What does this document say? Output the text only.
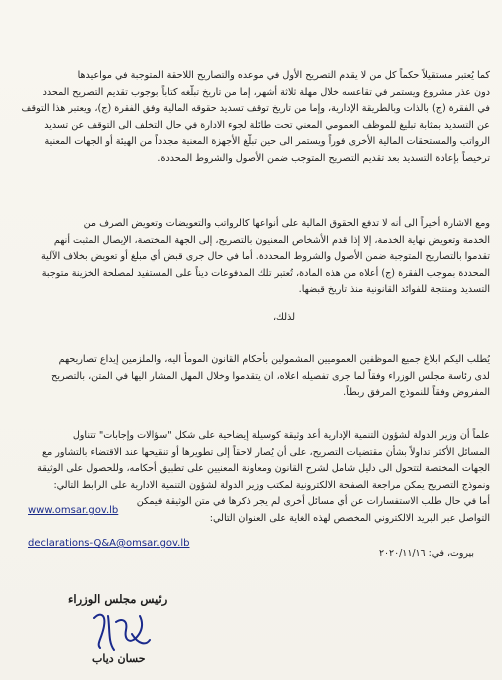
كما يُعتبر مستقيلاً حكماً كل من لا يقدم التصريح الأول في موعده والتصاريح اللاحقة المتوجبة في مواعيدها
دون عذر مشروع ويستمر في تقاعسه خلال مهلة ثلاثة أشهر، إما من تاريخ تبلّغه كتاباً بوجوب تقديم التصريح المحدد
في الفقرة (ج) بالذات وبالطريقة الإدارية، وإما من تاريخ توقف تسديد حقوقه المالية وفق الفقرة (ج)، ويعتبر هذا التوقف
عن التسديد بمثابة تبليغ للموظف العمومي المعني تحت طائلة لجوء الادارة في حال التخلف الى التوقف عن تسديد
الرواتب والمستحقات المالية الأخرى فوراً ويستمر الى حين تبلّغ الأجهزة المعنية مجدداً من الهيئة أو الجهات المعنية
ترخيصاً بإعادة التسديد بعد تقديم التصريح المتوجب ضمن الأصول والشروط المحددة.
ومع الاشارة أخيراً الى أنه لا تدفع الحقوق المالية على أنواعها كالرواتب والتعويضات وتعويض الصرف من
الخدمة وتعويض نهاية الخدمة، إلا إذا قدم الأشخاص المعنيون بالتصريح، إلى الجهة المختصة، الإيصال المثبت أنهم
تقدموا بالتصاريح المتوجبة ضمن الأصول والشروط المحددة. أما في حال جرى قبض أي مبلغ أو تعويض بخلاف الآلية
المحددة بموجب الفقرة (ج) أعلاه من هذه المادة، تُعتبر تلك المدفوعات ديناً على المستفيد لمصلحة الخزينة متوجبة
التسديد ومنتجة للفوائد القانونية منذ تاريخ قبضها.
لذلك،
يُطلب اليكم ابلاغ جميع الموظفين العموميين المشمولين بأحكام القانون المومأ اليه، والملزمين إيداع تصاريحهم
لدى رئاسة مجلس الوزراء وفقاً لما جرى تفصيله اعلاه، ان يتقدموا وخلال المهل المشار اليها في المتن، بالتصريح
المفروض وفقاً للنموذج المرفق ربطاً.
علماً أن وزير الدولة لشؤون التنمية الإدارية أعد وثيقة كوسيلة إيضاحية على شكل "سؤالات وإجابات" تتناول
المسائل الأكثر تداولاً بشأن مقتضيات التصريح، على أن يُصار لاحقاً إلى تطويرها أو تنقيحها عند الاقتضاء بالتشاور مع
الجهات المختصة لتتحول الى دليل شامل لشرح القانون ومعاونة المعنيين على تطبيق أحكامه، وللحصول على الوثيقة
ونموذج التصريح يمكن مراجعة الصفحة الالكترونية لمكتب وزير الدولة لشؤون التنمية الادارية على الرابط التالي:
أما في حال طلب الاستفسارات عن أي مسائل أخرى لم يجر ذكرها في متن الوثيقة فيمكن
التواصل عبر البريد الالكتروني المخصص لهذه الغاية على العنوان التالي:
www.omsar.gov.lb
declarations-Q&A@omsar.gov.lb
بيروت، في: ٢٠٢٠/١١/١٦
رئيس مجلس الوزراء
حسان دياب
